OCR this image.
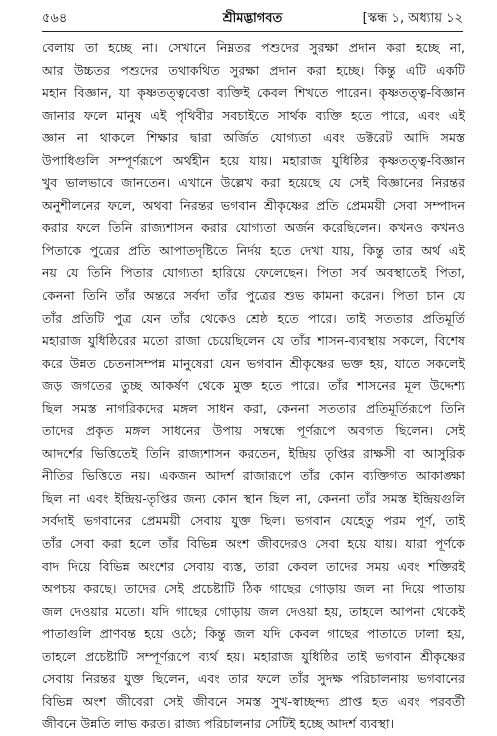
৫৬৪	শ্রীমদ্ভাগবত	[স্কন্ধ ১, অধ্যায় ১২
বেলায় তা হচ্ছে না। সেখানে নিম্নতর পশুদের সুরক্ষা প্রদান করা হচ্ছে না,
আর উচ্চতর পশুদের তথাকথিত সুরক্ষা প্রদান করা হচ্ছে। কিন্তু এটি একটি
মহান বিজ্ঞান, যা কৃষ্ণতত্ত্ববেত্তা ব্যক্তিই কেবল শিখতে পারেন। কৃষ্ণতত্ত্ব-বিজ্ঞান
জানার ফলে মানুষ এই পৃথিবীর সবচাইতে সার্থক ব্যক্তি হতে পারে, এবং এই
জ্ঞান না থাকলে শিক্ষার দ্বারা অর্জিত যোগ্যতা এবং ডক্টরেট আদি সমস্ত
উপাধিগুলি সম্পূর্ণরূপে অর্থহীন হয়ে যায়। মহারাজ যুধিষ্ঠির কৃষ্ণতত্ত্ব-বিজ্ঞান
খুব ভালভাবে জানতেন। এখানে উল্লেখ করা হয়েছে যে সেই বিজ্ঞানের নিরন্তর
অনুশীলনের ফলে, অথবা নিরন্তর ভগবান শ্রীকৃষ্ণের প্রতি প্রেমময়ী সেবা সম্পাদন
করার ফলে তিনি রাজ্যশাসন করার যোগ্যতা অর্জন করেছিলেন। কখনও কখনও
পিতাকে পুত্রের প্রতি আপাতদৃষ্টিতে নির্দয় হতে দেখা যায়, কিন্তু তার অর্থ এই
নয় যে তিনি পিতার যোগ্যতা হারিয়ে ফেলেছেন। পিতা সর্ব অবস্থাতেই পিতা,
কেননা তিনি তাঁর অন্তরে সর্বদা তাঁর পুত্রের শুভ কামনা করেন। পিতা চান যে
তাঁর প্রতিটি পুত্র যেন তাঁর থেকেও শ্রেষ্ঠ হতে পারে। তাই সততার প্রতিমূর্তি
মহারাজ যুধিষ্ঠিরের মতো রাজা চেয়েছিলেন যে তাঁর শাসন-ব্যবস্থায় সকলে, বিশেষ
করে উন্নত চেতনাসম্পন্ন মানুষেরা যেন ভগবান শ্রীকৃষ্ণের ভক্ত হয়, যাতে সকলেই
জড় জগতের তুচ্ছ আকর্ষণ থেকে মুক্ত হতে পারে। তাঁর শাসনের মূল উদ্দেশ্য
ছিল সমস্ত নাগরিকদের মঙ্গল সাধন করা, কেননা সততার প্রতিমূর্তিরূপে তিনি
তাদের প্রকৃত মঙ্গল সাধনের উপায় সম্বন্ধে পূর্ণরূপে অবগত ছিলেন। সেই
আদর্শের ভিত্তিতেই তিনি রাজ্যশাসন করতেন, ইন্দ্রিয় তৃপ্তির রাক্ষসী বা আসুরিক
নীতির ভিত্তিতে নয়। একজন আদর্শ রাজারূপে তাঁর কোন ব্যক্তিগত আকাঙ্ক্ষা
ছিল না এবং ইন্দ্রিয়-তৃপ্তির জন্য কোন স্থান ছিল না, কেননা তাঁর সমস্ত ইন্দ্রিয়গুলি
সর্বদাই ভগবানের প্রেমময়ী সেবায় যুক্ত ছিল। ভগবান যেহেতু পরম পূর্ণ, তাই
তাঁর সেবা করা হলে তাঁর বিভিন্ন অংশ জীবদেরও সেবা হয়ে যায়। যারা পূর্ণকে
বাদ দিয়ে বিভিন্ন অংশের সেবায় ব্যস্ত, তারা কেবল তাদের সময় এবং শক্তিরই
অপচয় করছে। তাদের সেই প্রচেষ্টাটি ঠিক গাছের গোড়ায় জল না দিয়ে পাতায়
জল দেওয়ার মতো। যদি গাছের গোড়ায় জল দেওয়া হয়, তাহলে আপনা থেকেই
পাতাগুলি প্রাণবন্ত হয়ে ওঠে; কিন্তু জল যদি কেবল গাছের পাতাতে ঢালা হয়,
তাহলে প্রচেষ্টাটি সম্পূর্ণরূপে ব্যর্থ হয়। মহারাজ যুধিষ্ঠির তাই ভগবান শ্রীকৃষ্ণের
সেবায় নিরন্তর যুক্ত ছিলেন, এবং তার ফলে তাঁর সুদক্ষ পরিচালনায় ভগবানের
বিভিন্ন অংশ জীবেরা সেই জীবনে সমস্ত সুখ-স্বাচ্ছন্দ্য প্রাপ্ত হত এবং পরবর্তী
জীবনে উন্নতি লাভ করত। রাজ্য পরিচালনার সেটিই হচ্ছে আদর্শ ব্যবস্থা।
